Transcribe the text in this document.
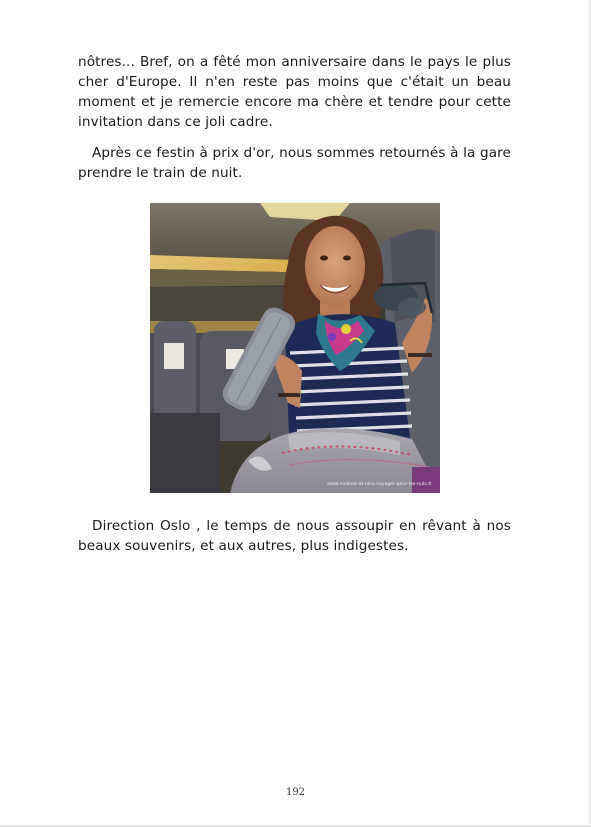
nôtres... Bref, on a fêté mon anniversaire dans le pays le plus cher d'Europe. Il n'en reste pas moins que c'était un beau moment et je remercie encore ma chère et tendre pour cette invitation dans ce joli cadre.

Après ce festin à prix d'or, nous sommes retournés à la gare prendre le train de nuit.

www.ninihoa-et-nico.voyager-pour-les-nuls.fr

Direction Oslo , le temps de nous assoupir en rêvant à nos beaux souvenirs, et aux autres, plus indigestes.

192
